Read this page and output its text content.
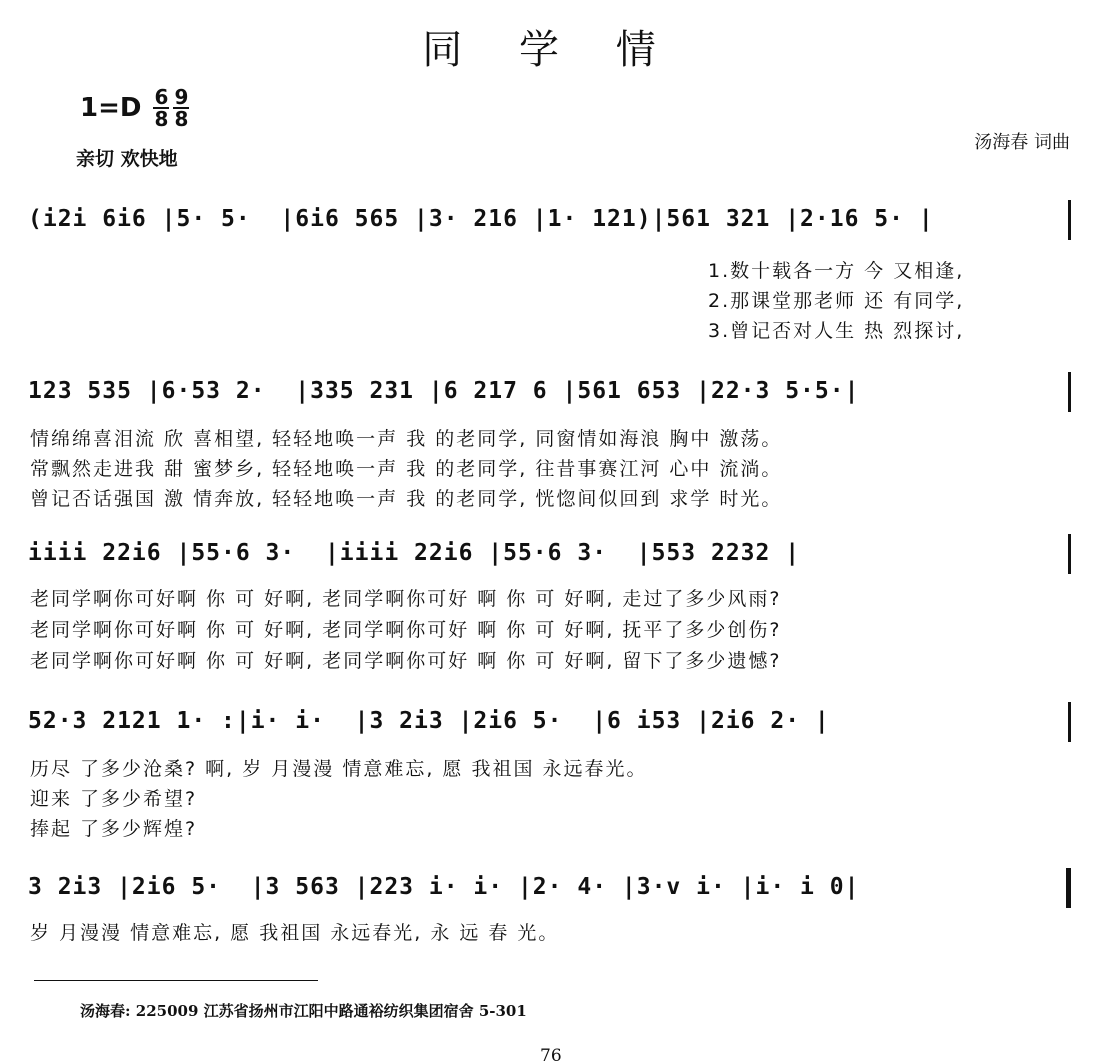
同 学 情
$1=D \frac{6}{8} \frac{9}{8}$
亲切 欢快地
汤海春 词曲
(i2i 6i6 |5· 5·  |6i6 565 |3· 216 |1· 121)|561 321 |2·16 5· |
1.数十载各一方 今 又相逢,
2.那课堂那老师 还 有同学,
3.曾记否对人生 热 烈探讨,
123 535 |6·53 2·  |335 231 |6 217 6 |561 653 |22·3 5·5·|
情绵绵喜泪流 欣 喜相望, 轻轻地唤一声 我 的老同学, 同窗情如海浪 胸中 激荡。
常飘然走进我 甜 蜜梦乡, 轻轻地唤一声 我 的老同学, 往昔事赛江河 心中 流淌。
曾记否话强国 激 情奔放, 轻轻地唤一声 我 的老同学, 恍惚间似回到 求学 时光。
iiii 22i6 |55·6 3·  |iiii 22i6 |55·6 3·  |553 2232 |
老同学啊你可好啊 你 可 好啊, 老同学啊你可好 啊 你 可 好啊, 走过了多少风雨?
老同学啊你可好啊 你 可 好啊, 老同学啊你可好 啊 你 可 好啊, 抚平了多少创伤?
老同学啊你可好啊 你 可 好啊, 老同学啊你可好 啊 你 可 好啊, 留下了多少遗憾?
52·3 2121 1· :|i· i·  |3 2i3 |2i6 5·  |6 i53 |2i6 2· |
历尽 了多少沧桑? 啊, 岁 月漫漫 情意难忘, 愿 我祖国 永远春光。
迎来 了多少希望?
捧起 了多少辉煌?
3 2i3 |2i6 5·  |3 563 |223 i· i· |2· 4· |3·v i· |i· i 0|
岁 月漫漫 情意难忘, 愿 我祖国 永远春光, 永 远 春 光。
汤海春: 225009 江苏省扬州市江阳中路通裕纺织集团宿舍 5-301
76
